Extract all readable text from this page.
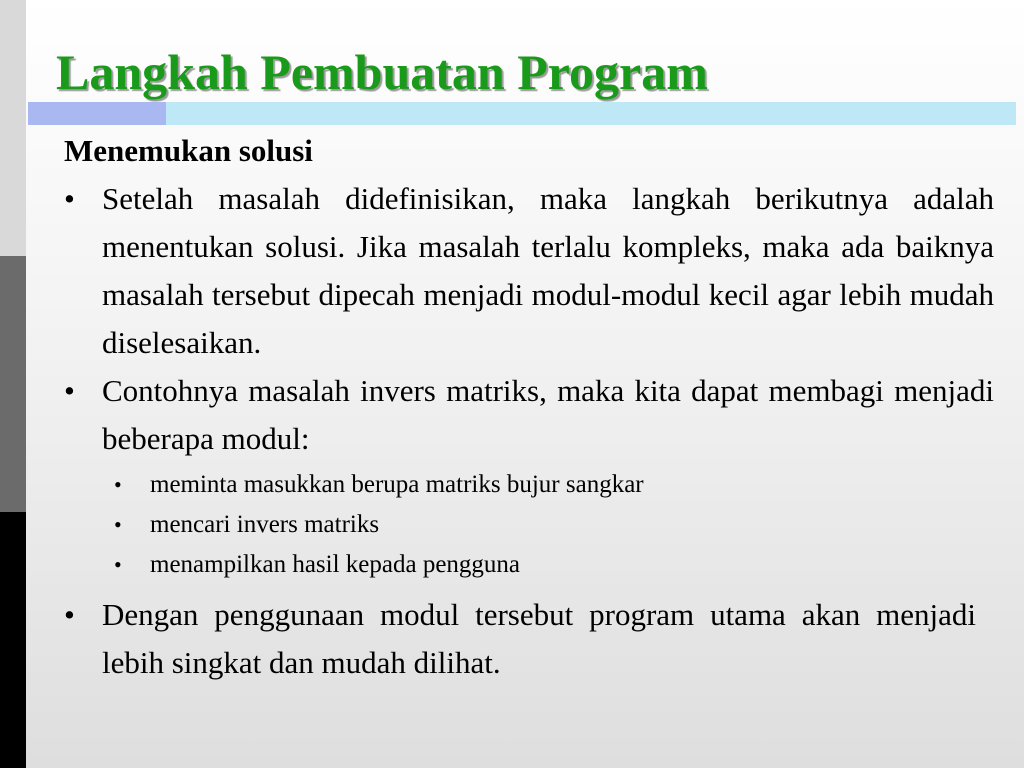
Langkah Pembuatan Program

Menemukan solusi

• Setelah masalah didefinisikan, maka langkah berikutnya adalah menentukan solusi. Jika masalah terlalu kompleks, maka ada baiknya masalah tersebut dipecah menjadi modul-modul kecil agar lebih mudah diselesaikan.

• Contohnya masalah invers matriks, maka kita dapat membagi menjadi beberapa modul:

• meminta masukkan berupa matriks bujur sangkar
• mencari invers matriks
• menampilkan hasil kepada pengguna

• Dengan penggunaan modul tersebut program utama akan menjadi lebih singkat dan mudah dilihat.
